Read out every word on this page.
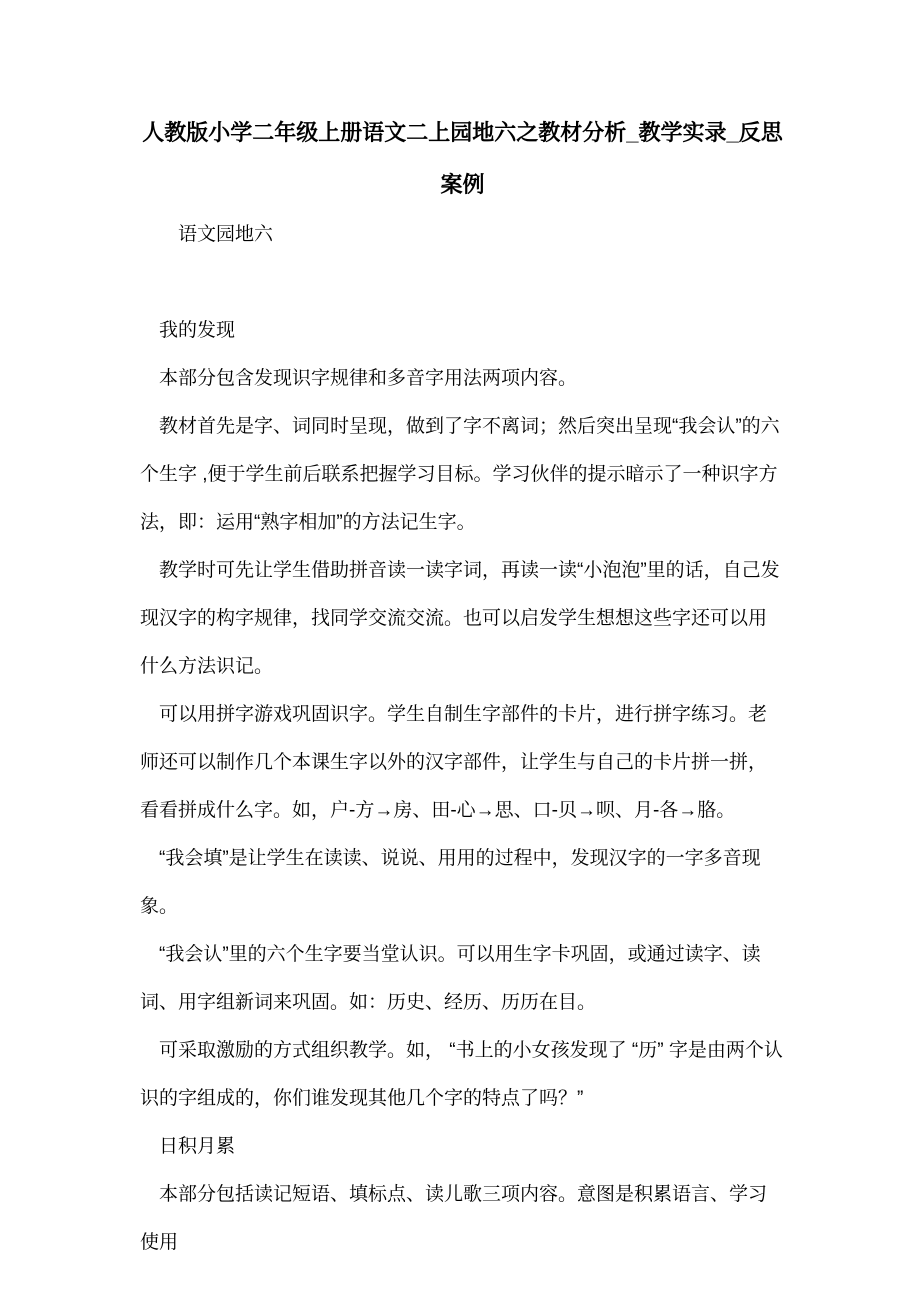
人教版小学二年级上册语文二上园地六之教材分析_教学实录_反思案例

语文园地六

我的发现

本部分包含发现识字规律和多音字用法两项内容。

教材首先是字、词同时呈现，做到了字不离词；然后突出呈现“我会认”的六个生字 ,便于学生前后联系把握学习目标。学习伙伴的提示暗示了一种识字方法，即：运用“熟字相加”的方法记生字。

教学时可先让学生借助拼音读一读字词，再读一读“小泡泡”里的话，自己发现汉字的构字规律，找同学交流交流。也可以启发学生想想这些字还可以用什么方法识记。

可以用拼字游戏巩固识字。学生自制生字部件的卡片，进行拼字练习。老师还可以制作几个本课生字以外的汉字部件，让学生与自己的卡片拼一拼，看看拼成什么字。如，户-方→房、田-心→思、口-贝→呗、月-各→胳。

“我会填”是让学生在读读、说说、用用的过程中，发现汉字的一字多音现象。

“我会认”里的六个生字要当堂认识。可以用生字卡巩固，或通过读字、读词、用字组新词来巩固。如：历史、经历、历历在目。

可采取激励的方式组织教学。如， “书上的小女孩发现了 “历” 字是由两个认识的字组成的，你们谁发现其他几个字的特点了吗？”

日积月累

本部分包括读记短语、填标点、读儿歌三项内容。意图是积累语言、学习使用
